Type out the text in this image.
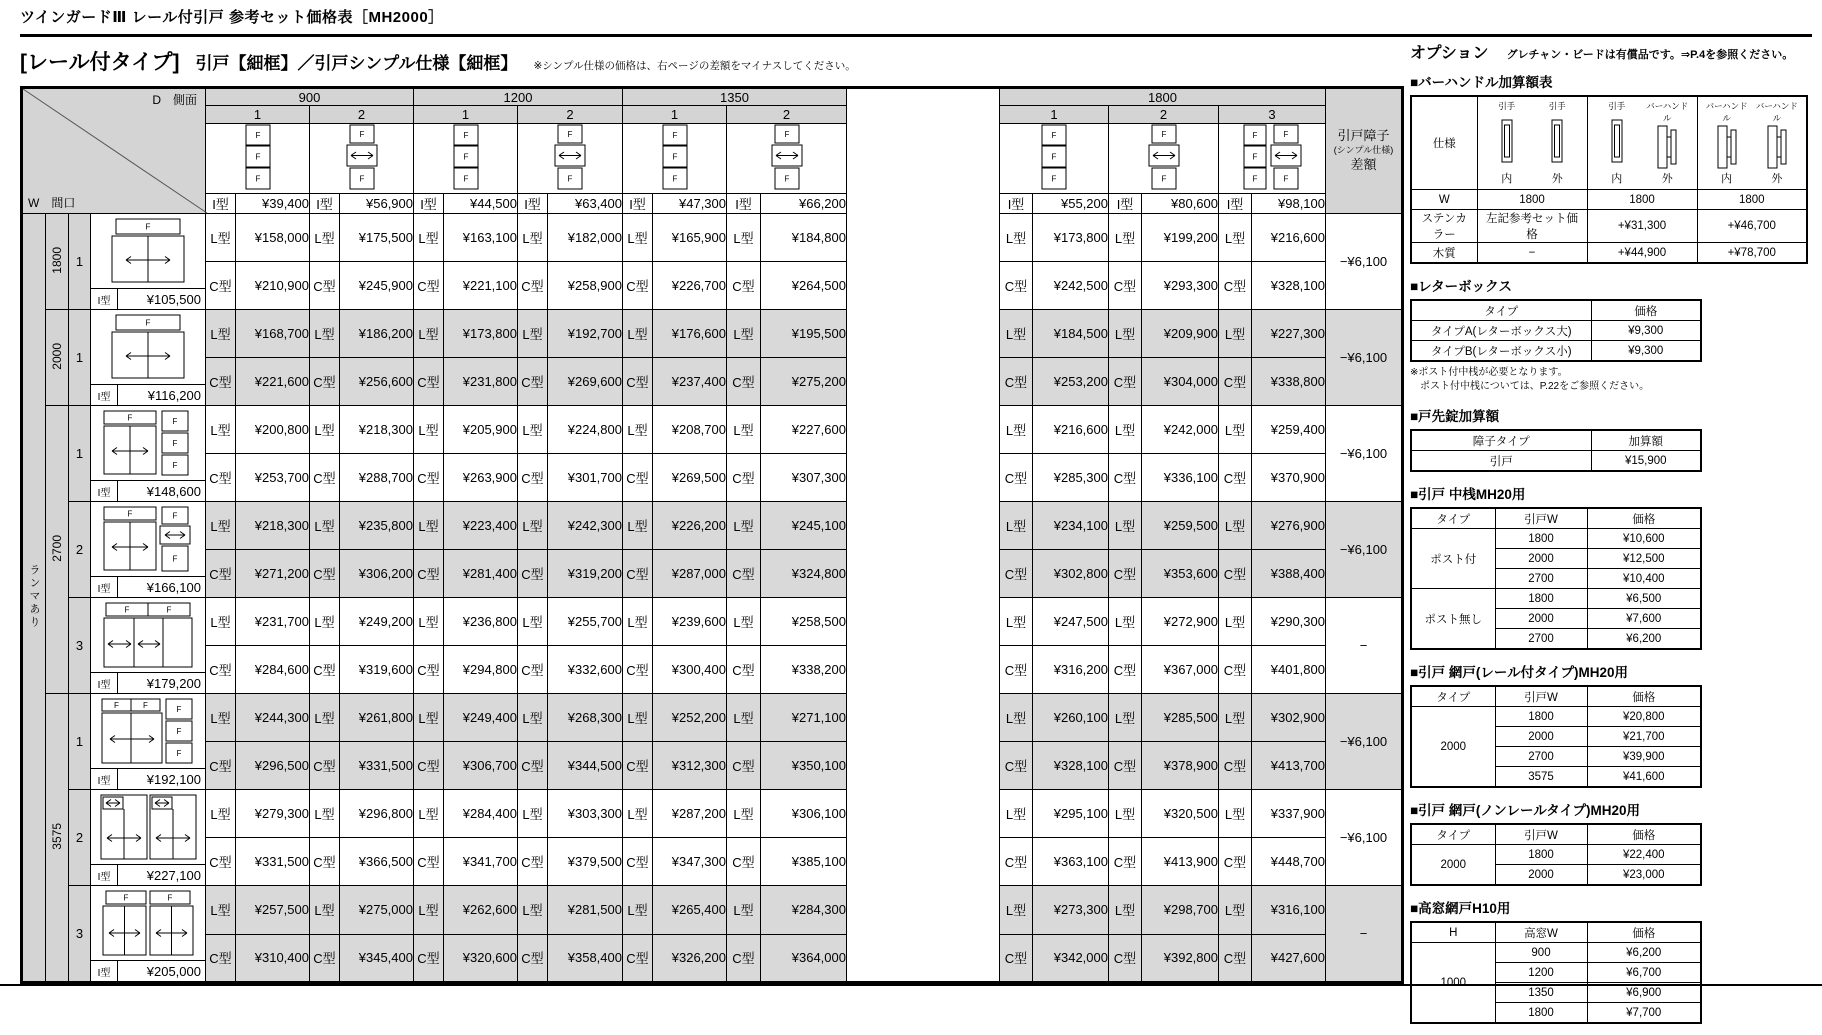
ツインガードⅢ レール付引戸 参考セット価格表［MH2000］
[レール付タイプ] 引戸【細框】／引戸シンプル仕様【細框】 ※シンプル仕様の価格は、右ページの差額をマイナスしてください。
D　側面
W　間口
	900	1200	1350		1800	
引戸障子
(シンプル仕様)
差額

				1		2		1		2		1		2			1		2		3		

F
F
F		F
F		F
F
F		F
F		F
F
F		F
F			F
F
F		F
F		F
F
F
F
F		

				I型	¥39,400	I型	¥56,900	I型	¥44,500	I型	¥63,400	I型	¥47,300	I型	¥66,200		I型	¥55,200	I型	¥80,600	I型	¥98,100	

ランマあり	1800	1	F
I型 ¥105,500	L型	¥158,000	L型	¥175,500	L型	¥163,100	L型	¥182,000	L型	¥165,900	L型	¥184,800		L型	¥173,800	L型	¥199,200	L型	¥216,600	−¥6,100
				C型	¥210,900	C型	¥245,900	C型	¥221,100	C型	¥258,900	C型	¥226,700	C型	¥264,500		C型	¥242,500	C型	¥293,300	C型	¥328,100	
	2000	1	F
I型 ¥116,200	L型	¥168,700	L型	¥186,200	L型	¥173,800	L型	¥192,700	L型	¥176,600	L型	¥195,500		L型	¥184,500	L型	¥209,900	L型	¥227,300	−¥6,100
				C型	¥221,600	C型	¥256,600	C型	¥231,800	C型	¥269,600	C型	¥237,400	C型	¥275,200		C型	¥253,200	C型	¥304,000	C型	¥338,800	
2700	1	
F	F
F
F
I型	¥148,600
	L型	¥200,800	L型	¥218,300	L型	¥205,900	L型	¥224,800	L型	¥208,700	L型	¥227,600	L型	¥216,600	L型	¥242,000	L型	¥259,400	−¥6,100
				C型	¥253,700	C型	¥288,700	C型	¥263,900	C型	¥301,700	C型	¥269,500	C型	¥307,300		C型	¥285,300	C型	¥336,100	C型	¥370,900	
		2	F F
F
I型 ¥166,100	L型	¥218,300	L型	¥235,800	L型	¥223,400	L型	¥242,300	L型	¥226,200	L型	¥245,100		L型	¥234,100	L型	¥259,500	L型	¥276,900	−¥6,100
				C型	¥271,200	C型	¥306,200	C型	¥281,400	C型	¥319,200	C型	¥287,000	C型	¥324,800		C型	¥302,800	C型	¥353,600	C型	¥388,400	
		3	F F
I型 ¥179,200	L型	¥231,700	L型	¥249,200	L型	¥236,800	L型	¥255,700	L型	¥239,600	L型	¥258,500		L型	¥247,500	L型	¥272,900	L型	¥290,300	−
				C型	¥284,600	C型	¥319,600	C型	¥294,800	C型	¥332,600	C型	¥300,400	C型	¥338,200		C型	¥316,200	C型	¥367,000	C型	¥401,800	
3575	1	
F	F	F
F
F
I型	¥192,100
	L型	¥244,300	L型	¥261,800	L型	¥249,400	L型	¥268,300	L型	¥252,200	L型	¥271,100	L型	¥260,100	L型	¥285,500	L型	¥302,900	−¥6,100
				C型	¥296,500	C型	¥331,500	C型	¥306,700	C型	¥344,500	C型	¥312,300	C型	¥350,100		C型	¥328,100	C型	¥378,900	C型	¥413,700	
		2	I型 ¥227,100	L型	¥279,300	L型	¥296,800	L型	¥284,400	L型	¥303,300	L型	¥287,200	L型	¥306,100		L型	¥295,100	L型	¥320,500	L型	¥337,900	−¥6,100
				C型	¥331,500	C型	¥366,500	C型	¥341,700	C型	¥379,500	C型	¥347,300	C型	¥385,100		C型	¥363,100	C型	¥413,900	C型	¥448,700	
		3	F F
I型 ¥205,000	L型	¥257,500	L型	¥275,000	L型	¥262,600	L型	¥281,500	L型	¥265,400	L型	¥284,300		L型	¥273,300	L型	¥298,700	L型	¥316,100	−
				C型	¥310,400	C型	¥345,400	C型	¥320,600	C型	¥358,400	C型	¥326,200	C型	¥364,000		C型	¥342,000	C型	¥392,800	C型	¥427,600	
オプション グレチャン・ビードは有償品です。⇒P.4を参照ください。
■バーハンドル加算額表
仕様	
引手
内
引手
外

引手
内
バーハンドル
外

バーハンドル
内
バーハンドル
外

W	1800	1800	1800
ステンカラー	左記参考セット価格	+¥31,300	+¥46,700
木質	−	+¥44,900	+¥78,700
■レターボックス
タイプ	価格
タイプA(レターボックス大)	¥9,300
タイプB(レターボックス小)	¥9,300
※ポスト付中桟が必要となります。
　ポスト付中桟については、P.22をご参照ください。
■戸先錠加算額
障子タイプ	加算額
引戸	¥15,900
■引戸 中桟MH20用
タイプ	引戸W	価格
ポスト付	1800	¥10,600
	2000	¥12,500
	2700	¥10,400
ポスト無し	1800	¥6,500
	2000	¥7,600
	2700	¥6,200
■引戸 網戸(レール付タイプ)MH20用
タイプ	引戸W	価格
2000	1800	¥20,800
	2000	¥21,700
	2700	¥39,900
	3575	¥41,600
■引戸 網戸(ノンレールタイプ)MH20用
タイプ	引戸W	価格
2000	1800	¥22,400
	2000	¥23,000
■高窓網戸H10用
H	高窓W	価格
1000	900	¥6,200
	1200	¥6,700
	1350	¥6,900
	1800	¥7,700
